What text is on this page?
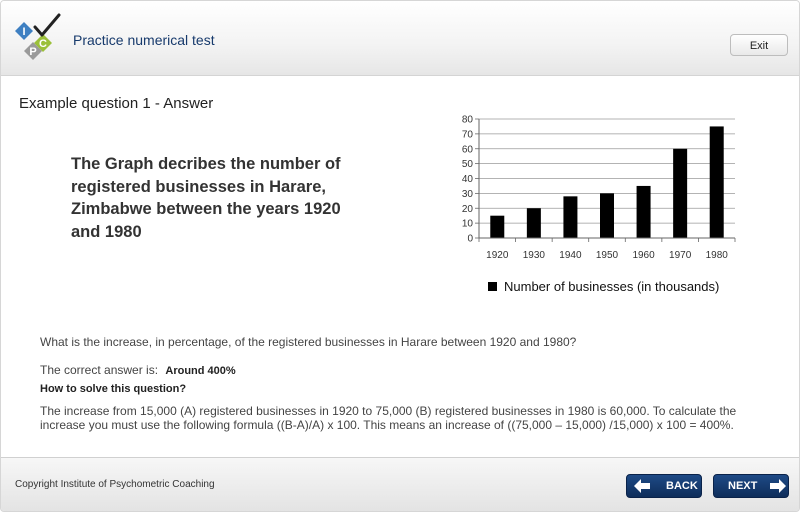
I
C
P
Practice numerical test	Exit
Example question 1 - Answer
The Graph decribes the number of registered businesses in Harare, Zimbabwe between the years 1920 and 1980	0
10
20
30
40
50
60
70
80
1920 1930 1940 1950 1960 1970 1980
Number of businesses (in thousands)
What is the increase, in percentage, of the registered businesses in Harare between 1920 and 1980?
The correct answer is: Around 400%
How to solve this question?
The increase from 15,000 (A) registered businesses in 1920 to 75,000 (B) registered businesses in 1980 is 60,000. To calculate the increase you must use the following formula ((B-A)/A) x 100. This means an increase of ((75,000 – 15,000) /15,000) x 100 = 400%.
Copyright Institute of Psychometric Coaching	BACK	NEXT
